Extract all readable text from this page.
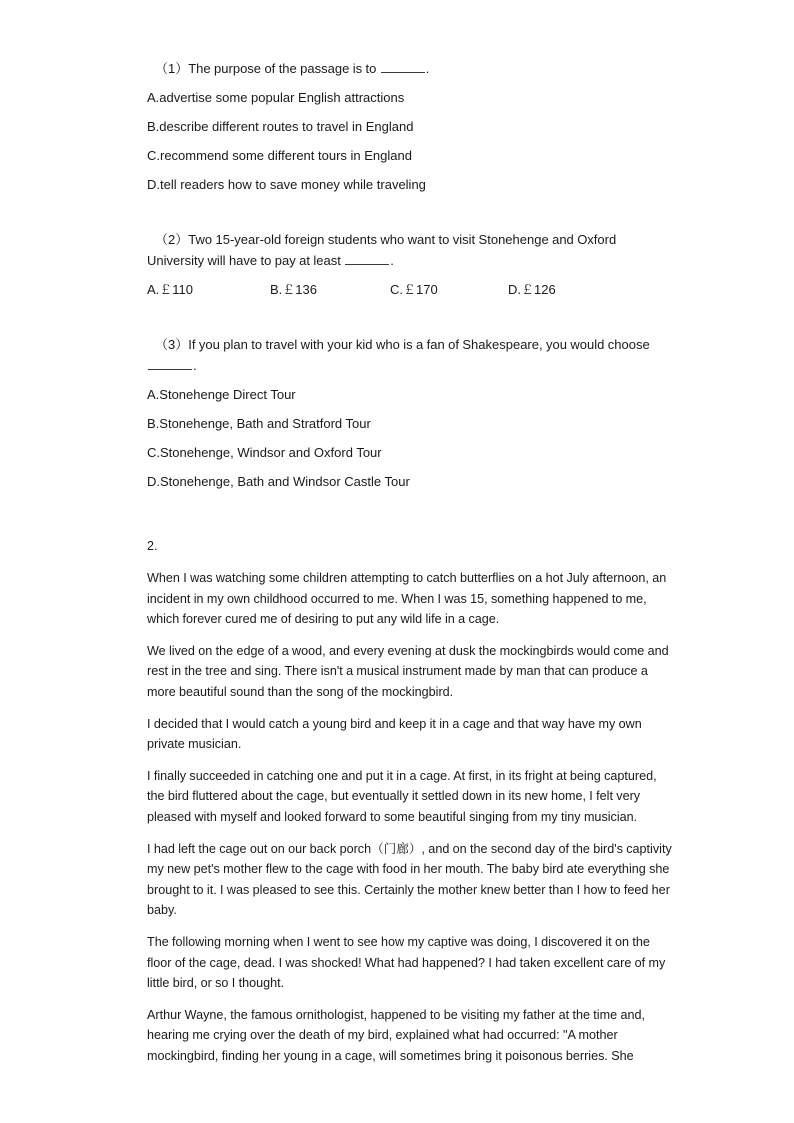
（1）The purpose of the passage is to	.

A.advertise some popular English attractions

B.describe different routes to travel in England

C.recommend some different tours in England

D.tell readers how to save money while traveling

（2）Two 15-year-old foreign students who want to visit Stonehenge and Oxford University will have to pay at least	.

A.￡110	B.￡136	C.￡170	D.￡126

（3）If you plan to travel with your kid who is a fan of Shakespeare, you would choose .

A.Stonehenge Direct Tour

B.Stonehenge, Bath and Stratford Tour

C.Stonehenge, Windsor and Oxford Tour

D.Stonehenge, Bath and Windsor Castle Tour

2.

When I was watching some children attempting to catch butterflies on a hot July afternoon, an incident in my own childhood occurred to me. When I was 15, something happened to me, which forever cured me of desiring to put any wild life in a cage.

We lived on the edge of a wood, and every evening at dusk the mockingbirds would come and rest in the tree and sing. There isn't a musical instrument made by man that can produce a more beautiful sound than the song of the mockingbird.

I decided that I would catch a young bird and keep it in a cage and that way have my own private musician.

I finally succeeded in catching one and put it in a cage. At first, in its fright at being captured, the bird fluttered about the cage, but eventually it settled down in its new home, I felt very pleased with myself and looked forward to some beautiful singing from my tiny musician.

I had left the cage out on our back porch（门廊）, and on the second day of the bird's captivity my new pet's mother flew to the cage with food in her mouth. The baby bird ate everything she brought to it. I was pleased to see this. Certainly the mother knew better than I how to feed her baby.

The following morning when I went to see how my captive was doing, I discovered it on the floor of the cage, dead. I was shocked! What had happened? I had taken excellent care of my little bird, or so I thought.

Arthur Wayne, the famous ornithologist, happened to be visiting my father at the time and, hearing me crying over the death of my bird, explained what had occurred: "A mother mockingbird, finding her young in a cage, will sometimes bring it poisonous berries. She
